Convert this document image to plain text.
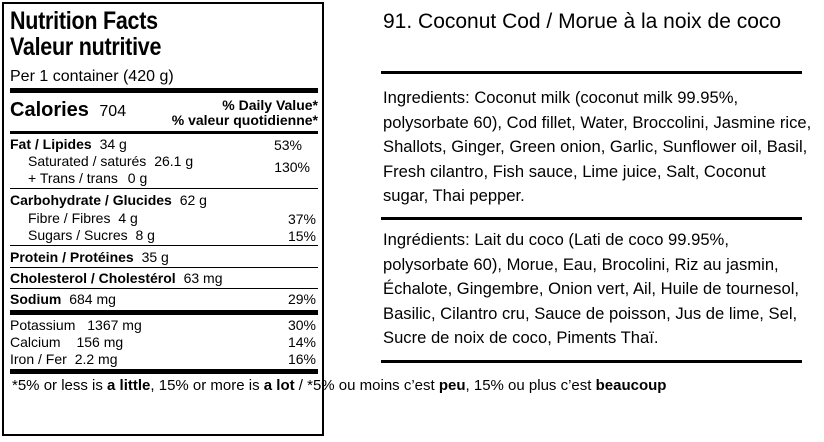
Nutrition Facts
Valeur nutritive
Per 1 container (420 g)
Calories 704	% Daily Value*
% valeur quotidienne*
Fat / Lipides 34 g	53%
Saturated / saturés 26.1 g	130%
+ Trans / trans 0 g
Carbohydrate / Glucides 62 g
Fibre / Fibres 4 g	37%
Sugars / Sucres 8 g	15%
Protein / Protéines 35 g
Cholesterol / Cholestérol 63 mg
Sodium 684 mg	29%
Potassium 1367 mg	30%
Calcium 156 mg	14%
Iron / Fer 2.2 mg	16%
*5% or less is a little, 15% or more is a lot / *5% ou moins c’est peu, 15% ou plus c’est beaucoup
91. Coconut Cod / Morue à la noix de coco
Ingredients: Coconut milk (coconut milk 99.95%, polysorbate 60), Cod fillet, Water, Broccolini, Jasmine rice, Shallots, Ginger, Green onion, Garlic, Sunflower oil, Basil, Fresh cilantro, Fish sauce, Lime juice, Salt, Coconut sugar, Thai pepper.
Ingrédients: Lait du coco (Lati de coco 99.95%, polysorbate 60), Morue, Eau, Brocolini, Riz au jasmin, Échalote, Gingembre, Onion vert, Ail, Huile de tournesol, Basilic, Cilantro cru, Sauce de poisson, Jus de lime, Sel, Sucre de noix de coco, Piments Thaï.
